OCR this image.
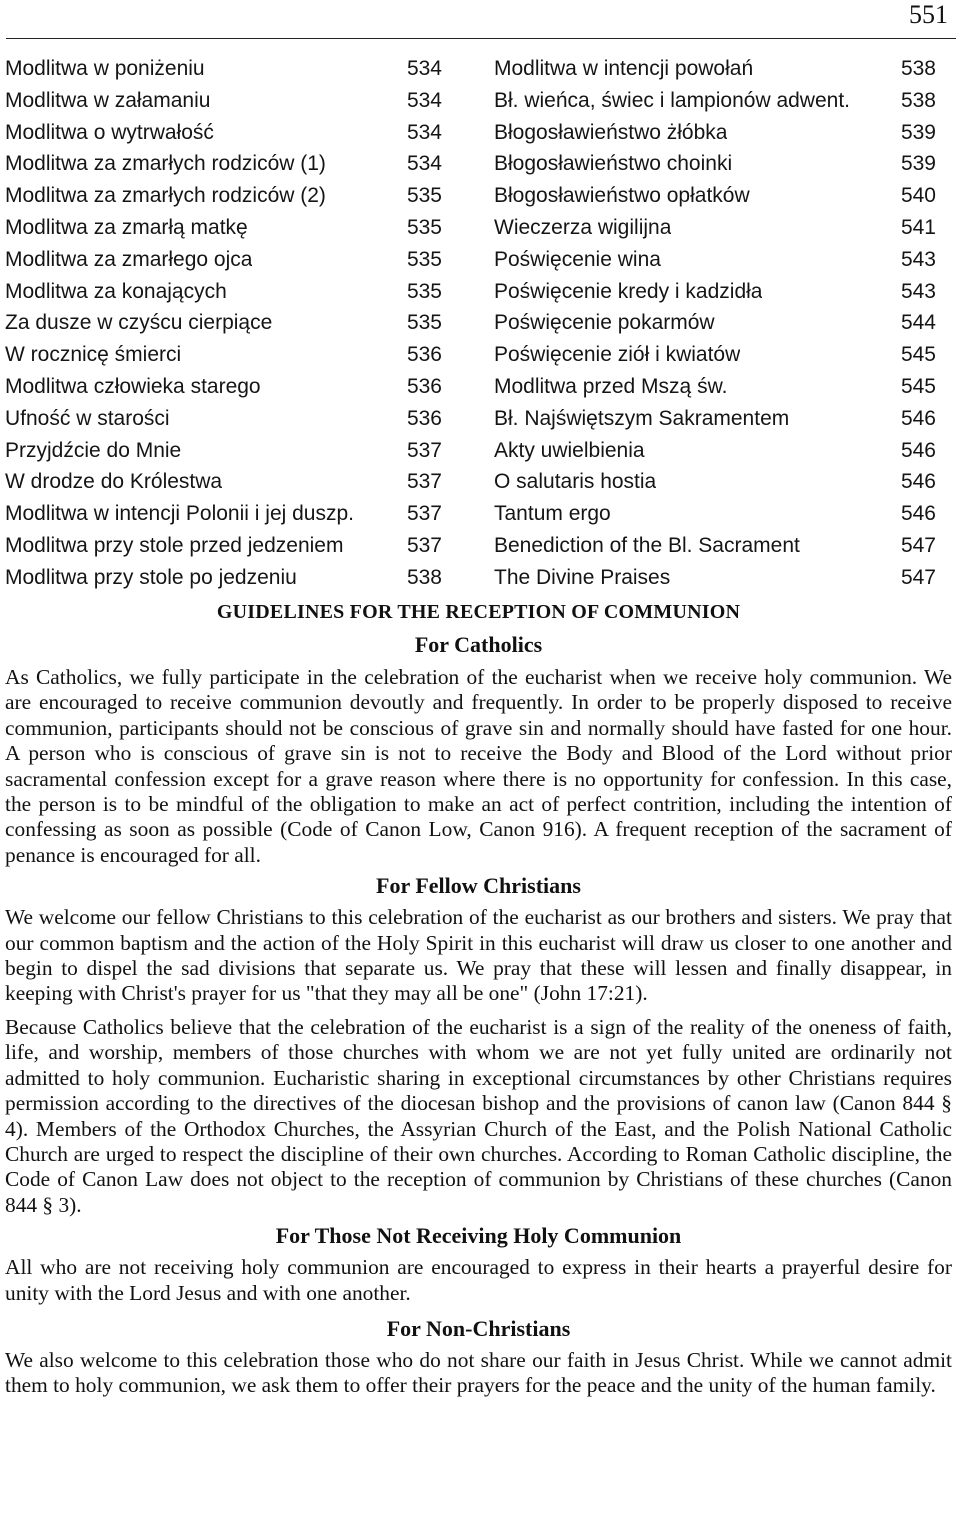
551
Modlitwa w poniżeniu	534
Modlitwa w załamaniu	534
Modlitwa o wytrwałość	534
Modlitwa za zmarłych rodziców (1)	534
Modlitwa za zmarłych rodziców (2)	535
Modlitwa za zmarłą matkę	535
Modlitwa za zmarłego ojca	535
Modlitwa za konających	535
Za dusze w czyścu cierpiące	535
W rocznicę śmierci	536
Modlitwa człowieka starego	536
Ufność w starości	536
Przyjdźcie do Mnie	537
W drodze do Królestwa	537
Modlitwa w intencji Polonii i jej duszp.	537
Modlitwa przy stole przed jedzeniem	537
Modlitwa przy stole po jedzeniu	538
Modlitwa w intencji powołań	538
Bł. wieńca, świec i lampionów adwent. 538
Błogosławieństwo żłóbka	539
Błogosławieństwo choinki	539
Błogosławieństwo opłatków	540
Wieczerza wigilijna	541
Poświęcenie wina	543
Poświęcenie kredy i kadzidła	543
Poświęcenie pokarmów	544
Poświęcenie ziół i kwiatów	545
Modlitwa przed Mszą św.	545
Bł. Najświętszym Sakramentem	546
Akty uwielbienia	546
O salutaris hostia	546
Tantum ergo	546
Benediction of the Bl. Sacrament	547
The Divine Praises	547
GUIDELINES FOR THE RECEPTION OF COMMUNION
For Catholics

As Catholics, we fully participate in the celebration of the eucharist when we receive holy communion. We are encouraged to receive communion devoutly and frequently. In order to be properly disposed to receive communion, participants should not be conscious of grave sin and normally should have fasted for one hour. A person who is conscious of grave sin is not to receive the Body and Blood of the Lord without prior sacramental confession except for a grave reason where there is no opportunity for confession. In this case, the person is to be mindful of the obligation to make an act of perfect contrition, including the intention of confessing as soon as possible (Code of Canon Low, Canon 916). A frequent reception of the sacrament of penance is encouraged for all.

For Fellow Christians

We welcome our fellow Christians to this celebration of the eucharist as our brothers and sisters. We pray that our common baptism and the action of the Holy Spirit in this eucharist will draw us closer to one another and begin to dispel the sad divisions that separate us. We pray that these will lessen and finally disappear, in keeping with Christ's prayer for us "that they may all be one" (John 17:21).

Because Catholics believe that the celebration of the eucharist is a sign of the reality of the oneness of faith, life, and worship, members of those churches with whom we are not yet fully united are ordinarily not admitted to holy communion. Eucharistic sharing in exceptional circumstances by other Christians requires permission according to the directives of the diocesan bishop and the provisions of canon law (Canon 844 § 4). Members of the Orthodox Churches, the Assyrian Church of the East, and the Polish National Catholic Church are urged to respect the discipline of their own churches. According to Roman Catholic discipline, the Code of Canon Law does not object to the reception of communion by Christians of these churches (Canon 844 § 3).

For Those Not Receiving Holy Communion

All who are not receiving holy communion are encouraged to express in their hearts a prayerful desire for unity with the Lord Jesus and with one another.

For Non-Christians

We also welcome to this celebration those who do not share our faith in Jesus Christ. While we cannot admit them to holy communion, we ask them to offer their prayers for the peace and the unity of the human family.
